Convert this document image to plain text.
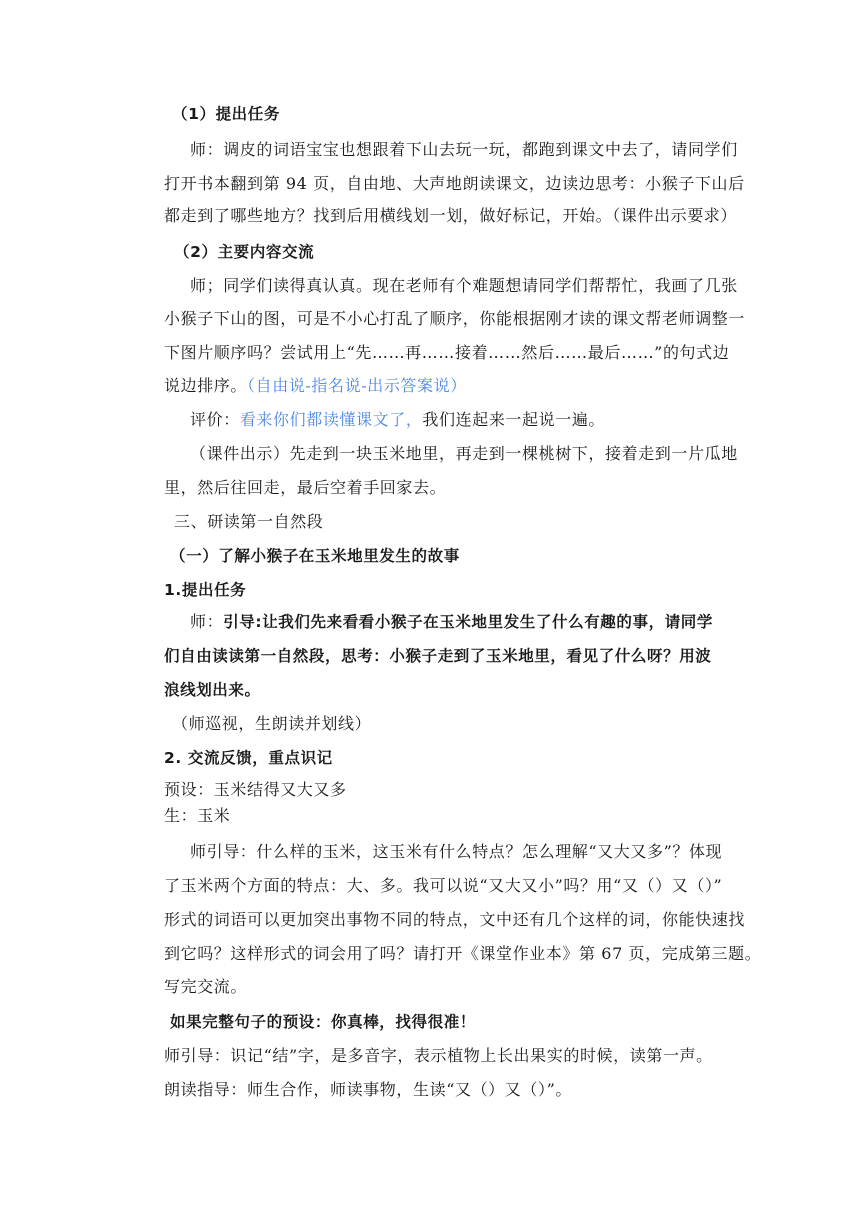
（1）提出任务
师：调皮的词语宝宝也想跟着下山去玩一玩，都跑到课文中去了，请同学们
打开书本翻到第 94 页，自由地、大声地朗读课文，边读边思考：小猴子下山后
都走到了哪些地方？找到后用横线划一划，做好标记，开始。（课件出示要求）
（2）主要内容交流
师；同学们读得真认真。现在老师有个难题想请同学们帮帮忙，我画了几张
小猴子下山的图，可是不小心打乱了顺序，你能根据刚才读的课文帮老师调整一
下图片顺序吗？尝试用上“先……再……接着……然后……最后……”的句式边
说边排序。（自由说-指名说-出示答案说）
评价：看来你们都读懂课文了，我们连起来一起说一遍。
（课件出示）先走到一块玉米地里，再走到一棵桃树下，接着走到一片瓜地
里，然后往回走，最后空着手回家去。
三、研读第一自然段
（一）了解小猴子在玉米地里发生的故事
1.提出任务
师：引导:让我们先来看看小猴子在玉米地里发生了什么有趣的事，请同学
们自由读读第一自然段，思考：小猴子走到了玉米地里，看见了什么呀？用波
浪线划出来。
（师巡视，生朗读并划线）
2. 交流反馈，重点识记
预设：玉米结得又大又多
生：玉米
师引导：什么样的玉米，这玉米有什么特点？怎么理解“又大又多”？体现
了玉米两个方面的特点：大、多。我可以说“又大又小”吗？用“又（）又（）”
形式的词语可以更加突出事物不同的特点，文中还有几个这样的词，你能快速找
到它吗？这样形式的词会用了吗？请打开《课堂作业本》第 67 页，完成第三题。
写完交流。
如果完整句子的预设：你真棒，找得很准！
师引导：识记“结”字，是多音字，表示植物上长出果实的时候，读第一声。
朗读指导：师生合作，师读事物，生读“又（）又（）”。
